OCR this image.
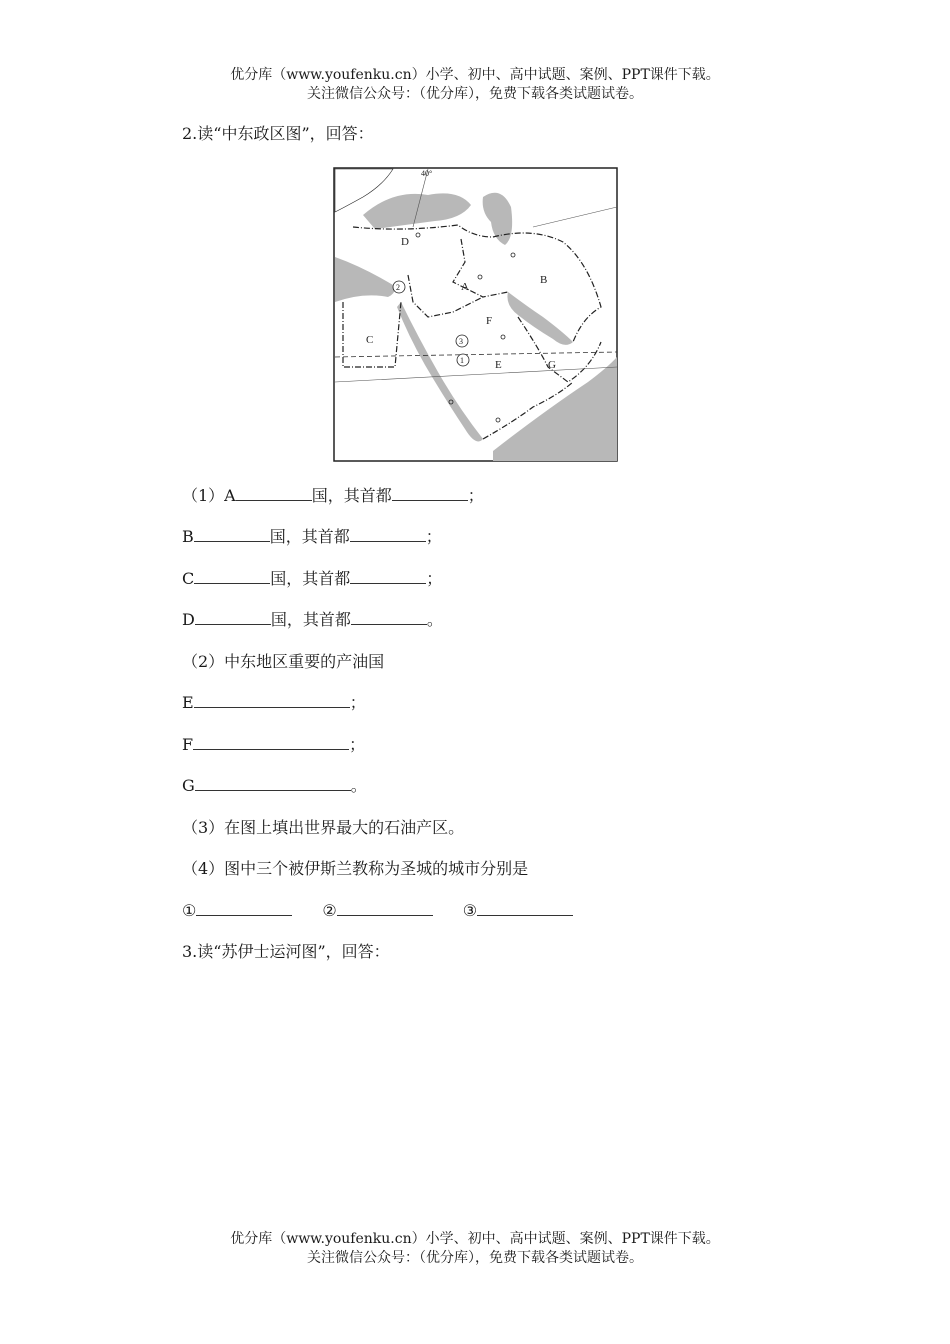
优分库（www.youfenku.cn）小学、初中、高中试题、案例、PPT课件下载。
关注微信公众号：（优分库），免费下载各类试题试卷。
2.读“中东政区图”，回答：
40°
D
B
A
F
C
E	G
2
3
1
（1）A	国，其首都	；
B	国，其首都	；
C	国，其首都	；
D	国，其首都	。
（2）中东地区重要的产油国
E	；
F	；
G	。
（3）在图上填出世界最大的石油产区。
（4）图中三个被伊斯兰教称为圣城的城市分别是
①	②	③
3.读“苏伊士运河图”，回答：
优分库（www.youfenku.cn）小学、初中、高中试题、案例、PPT课件下载。
关注微信公众号：（优分库），免费下载各类试题试卷。
